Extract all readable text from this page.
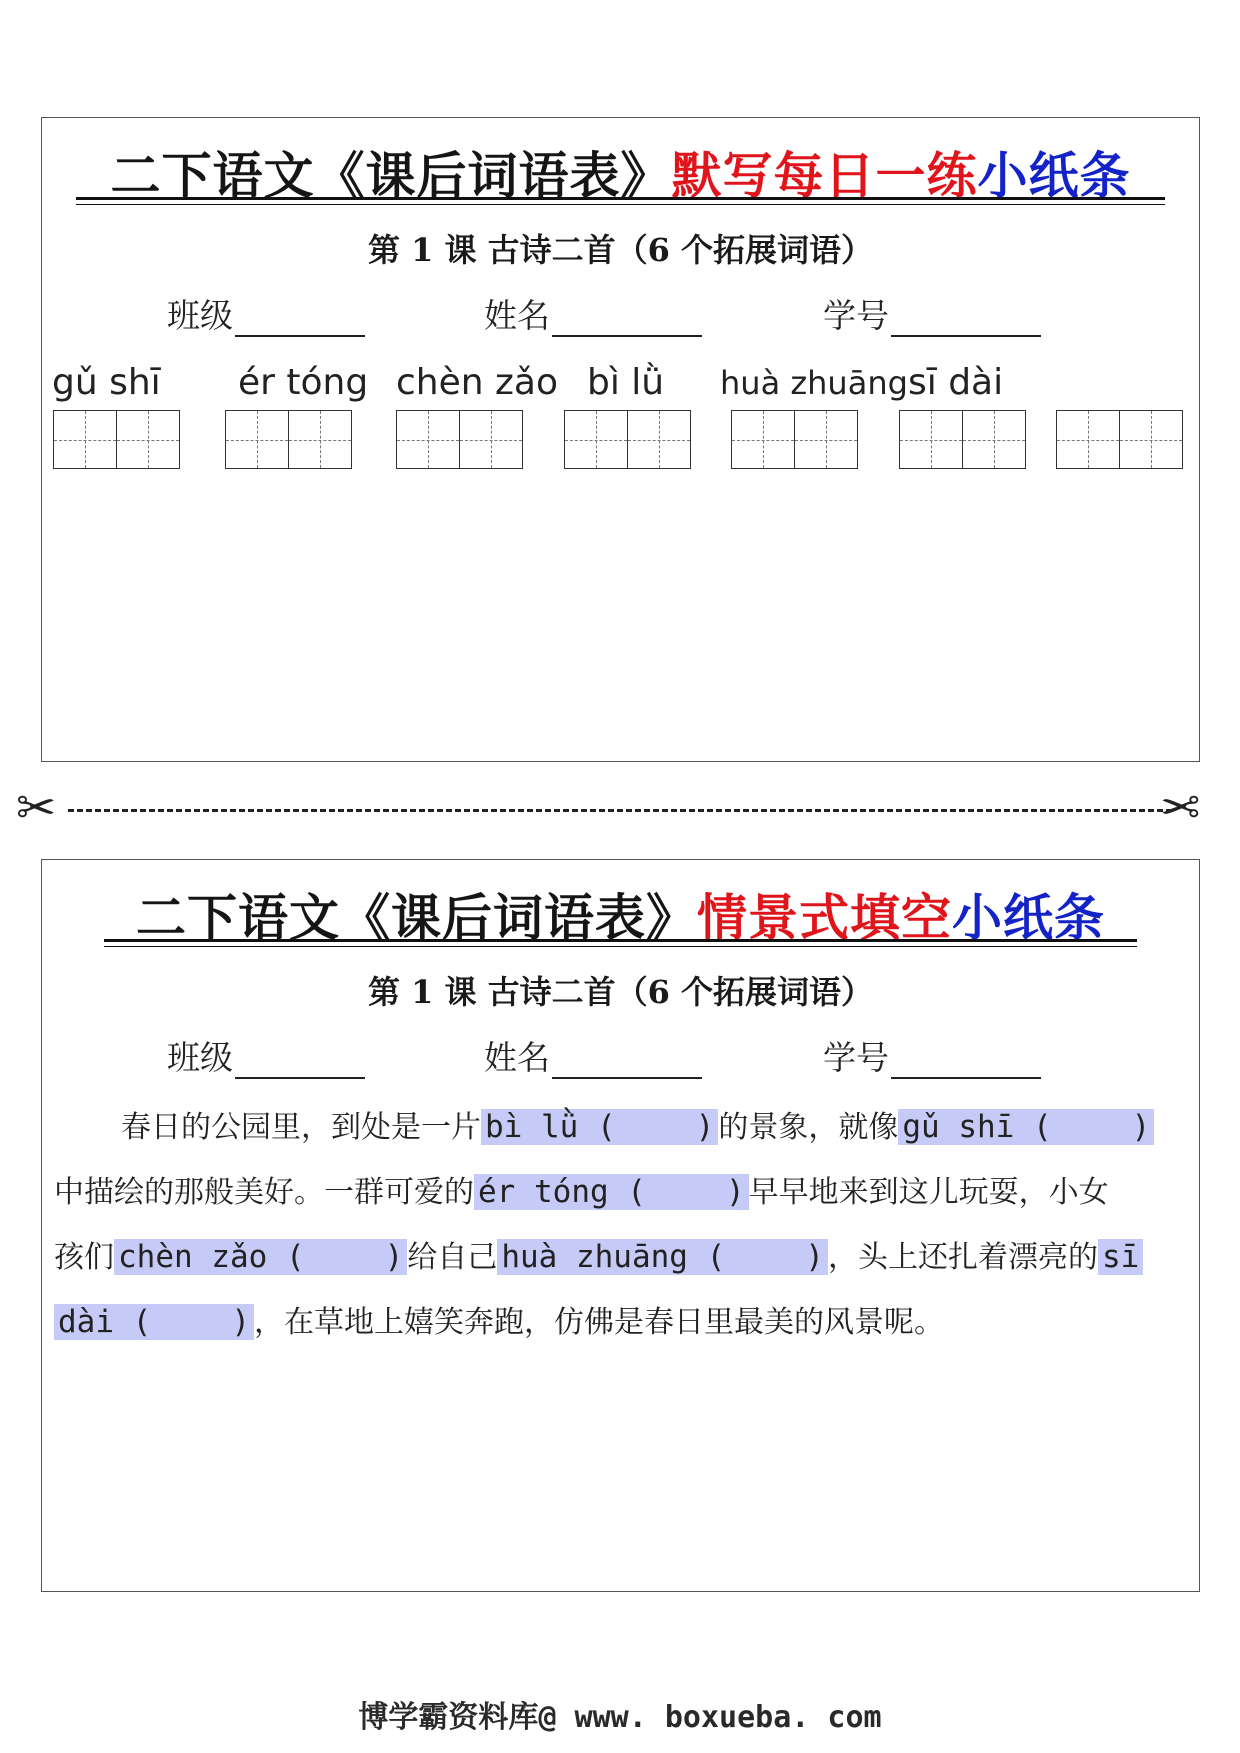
二下语文《课后词语表》默写每日一练小纸条
第 1 课 古诗二首（6 个拓展词语）
班级	姓名	学号
gǔ shī ér tóng chèn zǎo bì lǜ huà zhuāng sī dài
✂	✂
二下语文《课后词语表》情景式填空小纸条
第 1 课 古诗二首（6 个拓展词语）
班级	姓名	学号
春日的公园里，到处是一片 bì lǜ (	) 的景象，就像 gǔ shī (	)
中描绘的那般美好。一群可爱的 ér tóng (	) 早早地来到这儿玩耍，小女
孩们 chèn zǎo (	) 给自己 huà zhuāng (	) ，头上还扎着漂亮的 sī
dài (	) ，在草地上嬉笑奔跑，仿佛是春日里最美的风景呢。
博学霸资料库@ www. boxueba. com
